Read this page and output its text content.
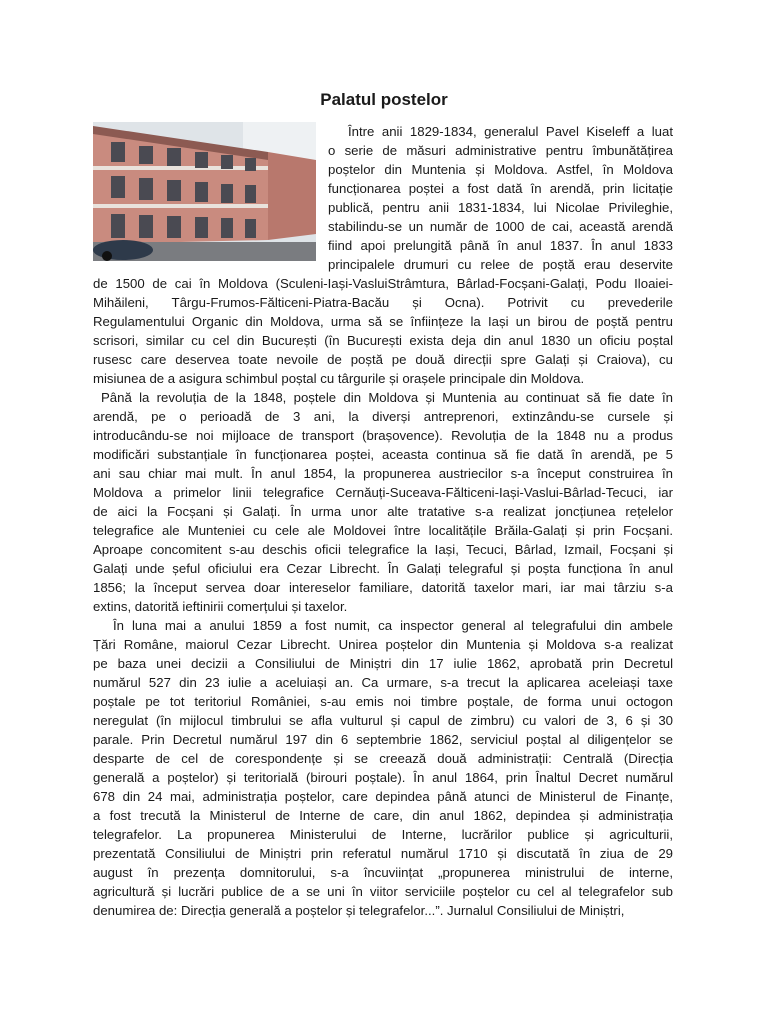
Palatul postelor
Între anii 1829-1834, generalul Pavel Kiseleff a luat
o serie de măsuri administrative pentru îmbunătățirea
poștelor din Muntenia și Moldova. Astfel, în Moldova
funcționarea poștei a fost dată în arendă, prin licitație
publică, pentru anii 1831-1834, lui Nicolae Privileghie,
stabilindu-se un număr de 1000 de cai, această arendă
fiind apoi prelungită până în anul 1837. În anul 1833
principalele drumuri cu relee de poștă erau deservite
de 1500 de cai în Moldova (Sculeni-Iași-VasluiStrâmtura, Bârlad-Focșani-Galați, Podu Iloaiei-
Mihăileni, Târgu-Frumos-Fălticeni-Piatra-Bacău și Ocna). Potrivit cu prevederile
Regulamentului Organic din Moldova, urma să se înființeze la Iași un birou de poștă pentru
scrisori, similar cu cel din București (în București exista deja din anul 1830 un oficiu poștal
rusesc care deservea toate nevoile de poștă pe două direcții spre Galați și Craiova), cu
misiunea de a asigura schimbul poștal cu târgurile și orașele principale din Moldova.
Până la revoluția de la 1848, poștele din Moldova și Muntenia au continuat să fie date în
arendă, pe o perioadă de 3 ani, la diverși antreprenori, extinzându-se cursele și
introducându-se noi mijloace de transport (brașovence). Revoluția de la 1848 nu a produs
modificări substanțiale în funcționarea poștei, aceasta continua să fie dată în arendă, pe 5
ani sau chiar mai mult. În anul 1854, la propunerea austriecilor s-a început construirea în
Moldova a primelor linii telegrafice Cernăuți-Suceava-Fălticeni-Iași-Vaslui-Bârlad-Tecuci, iar
de aici la Focșani și Galați. În urma unor alte tratative s-a realizat joncțiunea rețelelor
telegrafice ale Munteniei cu cele ale Moldovei între localitățile Brăila-Galați și prin Focșani.
Aproape concomitent s-au deschis oficii telegrafice la Iași, Tecuci, Bârlad, Izmail, Focșani și
Galați unde șeful oficiului era Cezar Librecht. În Galați telegraful și poșta funcționa în anul
1856; la început servea doar intereselor familiare, datorită taxelor mari, iar mai târziu s-a
extins, datorită ieftinirii comerțului și taxelor.
În luna mai a anului 1859 a fost numit, ca inspector general al telegrafului din ambele
Țări Române, maiorul Cezar Librecht. Unirea poștelor din Muntenia și Moldova s-a realizat
pe baza unei decizii a Consiliului de Miniștri din 17 iulie 1862, aprobată prin Decretul
numărul 527 din 23 iulie a aceluiași an. Ca urmare, s-a trecut la aplicarea aceleiași taxe
poștale pe tot teritoriul României, s-au emis noi timbre poștale, de forma unui octogon
neregulat (în mijlocul timbrului se afla vulturul și capul de zimbru) cu valori de 3, 6 și 30
parale. Prin Decretul numărul 197 din 6 septembrie 1862, serviciul poștal al diligențelor se
desparte de cel de corespondențe și se creează două administrații: Centrală (Direcția
generală a poștelor) și teritorială (birouri poștale). În anul 1864, prin Înaltul Decret numărul
678 din 24 mai, administrația poștelor, care depindea până atunci de Ministerul de Finanțe,
a fost trecută la Ministerul de Interne de care, din anul 1862, depindea și administrația
telegrafelor. La propunerea Ministerului de Interne, lucrărilor publice și agriculturii,
prezentată Consiliului de Miniștri prin referatul numărul 1710 și discutată în ziua de 29
august în prezența domnitorului, s-a încuviințat „propunerea ministrului de interne,
agricultură și lucrări publice de a se uni în viitor serviciile poștelor cu cel al telegrafelor sub
denumirea de: Direcția generală a poștelor și telegrafelor...”. Jurnalul Consiliului de Miniștri,
